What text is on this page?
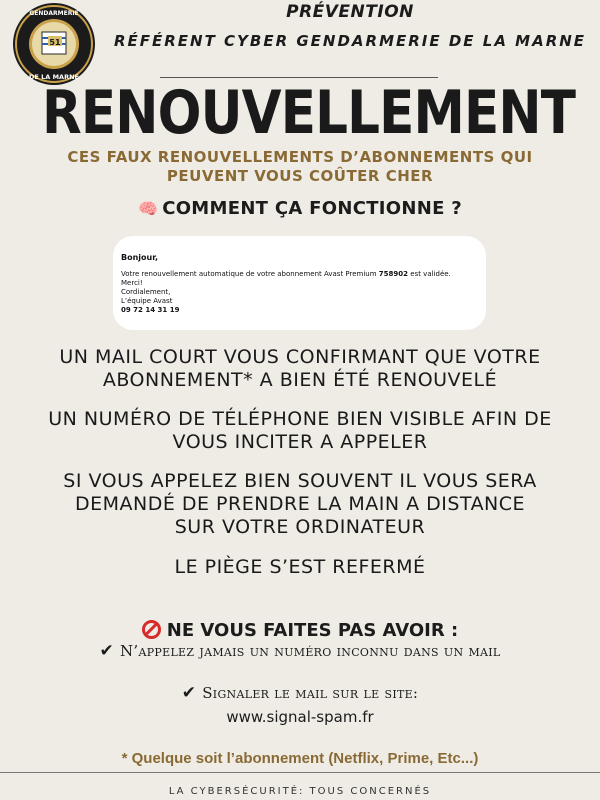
51
GENDARMERIE
DE LA MARNE
PRÉVENTION
RÉFÉRENT CYBER GENDARMERIE DE LA MARNE
RENOUVELLEMENT
CES FAUX RENOUVELLEMENTS D’ABONNEMENTS QUI
PEUVENT VOUS COÛTER CHER
🧠 COMMENT ÇA FONCTIONNE ?
Bonjour,
Votre renouvellement automatique de votre abonnement Avast Premium 758902 est validée.
Merci!
Cordialement,
L’équipe Avast
09 72 14 31 19
UN MAIL COURT VOUS CONFIRMANT QUE VOTRE
ABONNEMENT* A BIEN ÉTÉ RENOUVELÉ
UN NUMÉRO DE TÉLÉPHONE BIEN VISIBLE AFIN DE
VOUS INCITER A APPELER
SI VOUS APPELEZ BIEN SOUVENT IL VOUS SERA
DEMANDÉ DE PRENDRE LA MAIN A DISTANCE
SUR VOTRE ORDINATEUR
LE PIÈGE S’EST REFERMÉ
NE VOUS FAITES PAS AVOIR :
✔ N’appelez jamais un numéro inconnu dans un mail
✔ Signaler le mail sur le site:
www.signal-spam.fr
* Quelque soit l’abonnement (Netflix, Prime, Etc...)
LA CYBERSÉCURITÉ: TOUS CONCERNÉS
